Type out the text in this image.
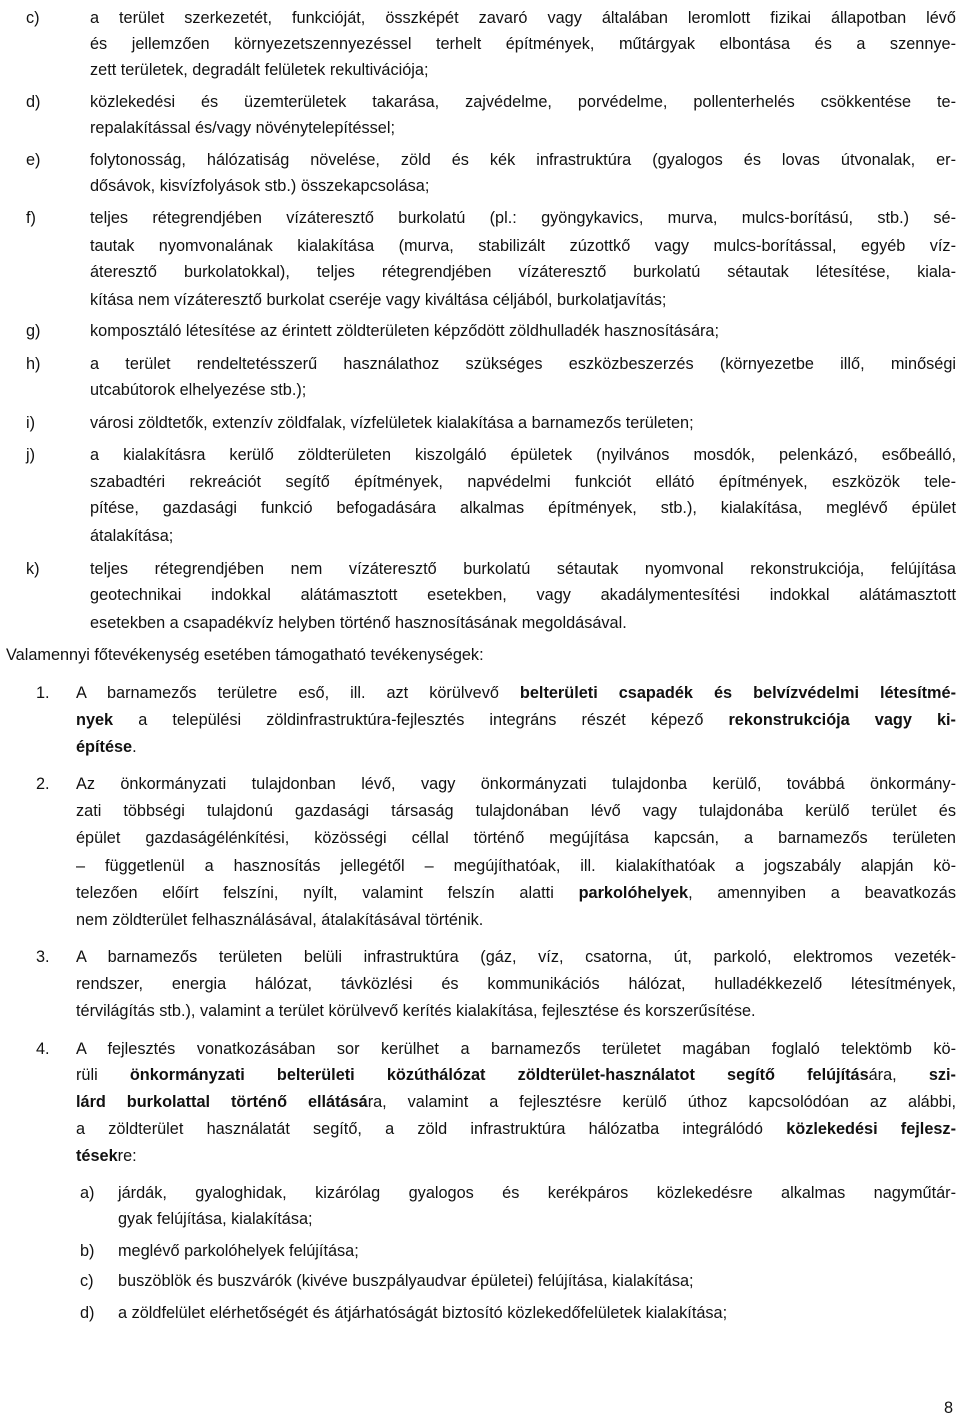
c)	a terület szerkezetét, funkcióját, összképét zavaró vagy általában leromlott fizikai állapotban lévő
és jellemzően környezetszennyezéssel terhelt építmények, műtárgyak elbontása és a szennye-
zett területek, degradált felületek rekultivációja;
d)	közlekedési és üzemterületek takarása, zajvédelme, porvédelme, pollenterhelés csökkentése te-
repalakítással és/vagy növénytelepítéssel;
e)	folytonosság, hálózatiság növelése, zöld és kék infrastruktúra (gyalogos és lovas útvonalak, er-
dősávok, kisvízfolyások stb.) összekapcsolása;
f)	teljes rétegrendjében vízáteresztő burkolatú (pl.: gyöngykavics, murva, mulcs-borítású, stb.) sé-
tautak nyomvonalának kialakítása (murva, stabilizált zúzottkő vagy mulcs-borítással, egyéb víz-
áteresztő burkolatokkal), teljes rétegrendjében vízáteresztő burkolatú sétautak létesítése, kiala-
kítása nem vízáteresztő burkolat cseréje vagy kiváltása céljából, burkolatjavítás;
g)	komposztáló létesítése az érintett zöldterületen képződött zöldhulladék hasznosítására;
h)	a terület rendeltetésszerű használathoz szükséges eszközbeszerzés (környezetbe illő, minőségi
utcabútorok elhelyezése stb.);
i)	városi zöldtetők, extenzív zöldfalak, vízfelületek kialakítása a barnamezős területen;
j)	a kialakításra kerülő zöldterületen kiszolgáló épületek (nyilvános mosdók, pelenkázó, esőbeálló,
szabadtéri rekreációt segítő építmények, napvédelmi funkciót ellátó építmények, eszközök tele-
pítése, gazdasági funkció befogadására alkalmas építmények, stb.), kialakítása, meglévő épület
átalakítása;
k)	teljes rétegrendjében nem vízáteresztő burkolatú sétautak nyomvonal rekonstrukciója, felújítása
geotechnikai indokkal alátámasztott esetekben, vagy akadálymentesítési indokkal alátámasztott
esetekben a csapadékvíz helyben történő hasznosításának megoldásával.
Valamennyi főtevékenység esetében támogatható tevékenységek:
1. A barnamezős területre eső, ill. azt körülvevő belterületi csapadék és belvízvédelmi létesítmé-
nyek a települési zöldinfrastruktúra-fejlesztés integráns részét képező rekonstrukciója vagy ki-
építése.
2. Az önkormányzati tulajdonban lévő, vagy önkormányzati tulajdonba kerülő, továbbá önkormány-
zati többségi tulajdonú gazdasági társaság tulajdonában lévő vagy tulajdonába kerülő terület és
épület gazdaságélénkítési, közösségi céllal történő megújítása kapcsán, a barnamezős területen
– függetlenül a hasznosítás jellegétől – megújíthatóak, ill. kialakíthatóak a jogszabály alapján kö-
telezően előírt felszíni, nyílt, valamint felszín alatti parkolóhelyek, amennyiben a beavatkozás
nem zöldterület felhasználásával, átalakításával történik.
3. A barnamezős területen belüli infrastruktúra (gáz, víz, csatorna, út, parkoló, elektromos vezeték-
rendszer, energia hálózat, távközlési és kommunikációs hálózat, hulladékkezelő létesítmények,
térvilágítás stb.), valamint a terület körülvevő kerítés kialakítása, fejlesztése és korszerűsítése.
4. A fejlesztés vonatkozásában sor kerülhet a barnamezős területet magában foglaló telektömb kö-
rüli önkormányzati belterületi közúthálózat zöldterület-használatot segítő felújítására, szi-
lárd burkolattal történő ellátására, valamint a fejlesztésre kerülő úthoz kapcsolódóan az alábbi,
a zöldterület használatát segítő, a zöld infrastruktúra hálózatba integrálódó közlekedési fejlesz-
tésekre:
a) járdák, gyaloghidak, kizárólag gyalogos és kerékpáros közlekedésre alkalmas nagyműtár-
gyak felújítása, kialakítása;
b) meglévő parkolóhelyek felújítása;
c) buszöblök és buszvárók (kivéve buszpályaudvar épületei) felújítása, kialakítása;
d) a zöldfelület elérhetőségét és átjárhatóságát biztosító közlekedőfelületek kialakítása;
8
